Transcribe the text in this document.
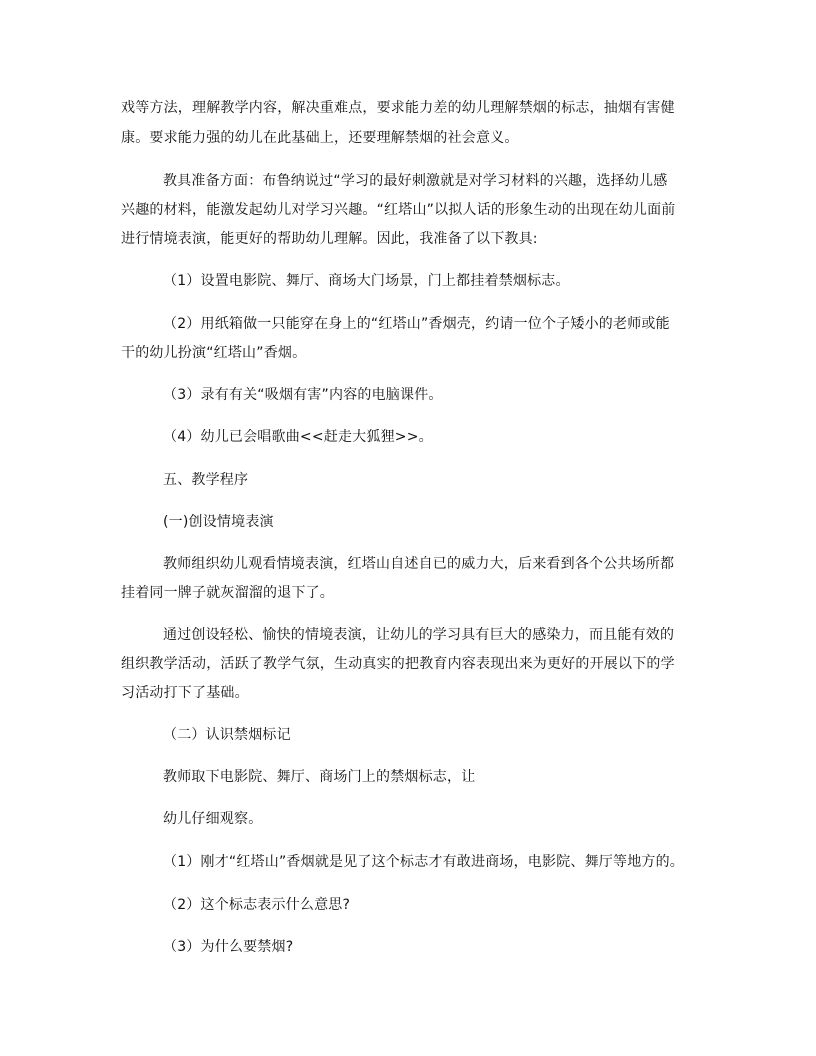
戏等方法，理解教学内容，解决重难点，要求能力差的幼儿理解禁烟的标志，抽烟有害健
康。要求能力强的幼儿在此基础上，还要理解禁烟的社会意义。
教具准备方面：布鲁纳说过“学习的最好刺激就是对学习材料的兴趣，选择幼儿感
兴趣的材料，能激发起幼儿对学习兴趣。“红塔山”以拟人话的形象生动的出现在幼儿面前
进行情境表演，能更好的帮助幼儿理解。因此，我准备了以下教具:
（1）设置电影院、舞厅、商场大门场景，门上都挂着禁烟标志。
（2）用纸箱做一只能穿在身上的“红塔山”香烟壳，约请一位个子矮小的老师或能
干的幼儿扮演“红塔山”香烟。
（3）录有有关“吸烟有害”内容的电脑课件。
（4）幼儿已会唱歌曲<<赶走大狐狸>>。
五、教学程序
(一)创设情境表演
教师组织幼儿观看情境表演，红塔山自述自已的威力大，后来看到各个公共场所都
挂着同一牌子就灰溜溜的退下了。
通过创设轻松、愉快的情境表演，让幼儿的学习具有巨大的感染力，而且能有效的
组织教学活动，活跃了教学气氛，生动真实的把教育内容表现出来为更好的开展以下的学
习活动打下了基础。
（二）认识禁烟标记
教师取下电影院、舞厅、商场门上的禁烟标志，让
幼儿仔细观察。
（1）刚才“红塔山”香烟就是见了这个标志才有敢进商场，电影院、舞厅等地方的。
（2）这个标志表示什么意思?
（3）为什么要禁烟?
